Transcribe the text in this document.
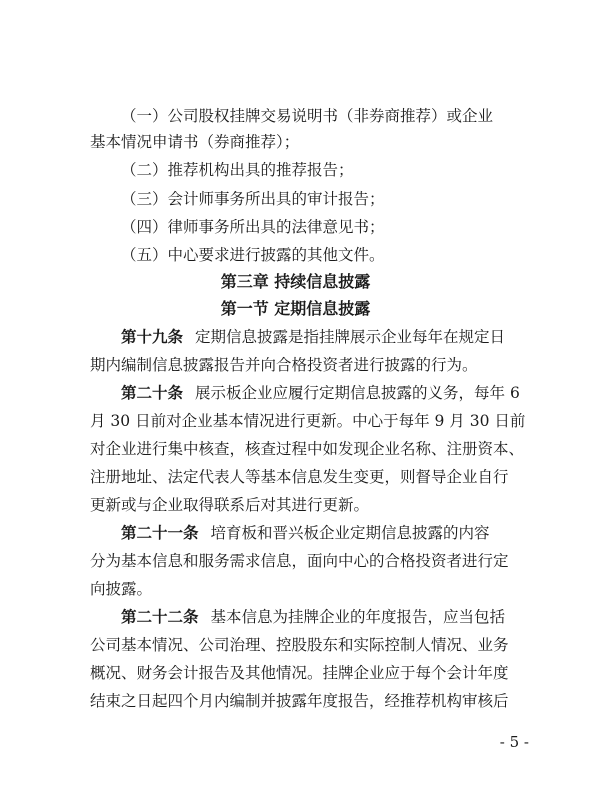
（一）公司股权挂牌交易说明书（非券商推荐）或企业
基本情况申请书（券商推荐）；
（二）推荐机构出具的推荐报告；
（三）会计师事务所出具的审计报告；
（四）律师事务所出具的法律意见书；
（五）中心要求进行披露的其他文件。
第三章 持续信息披露
第一节 定期信息披露
第十九条 定期信息披露是指挂牌展示企业每年在规定日
期内编制信息披露报告并向合格投资者进行披露的行为。
第二十条 展示板企业应履行定期信息披露的义务，每年 6
月 30 日前对企业基本情况进行更新。中心于每年 9 月 30 日前
对企业进行集中核查，核查过程中如发现企业名称、注册资本、
注册地址、法定代表人等基本信息发生变更，则督导企业自行
更新或与企业取得联系后对其进行更新。
第二十一条 培育板和晋兴板企业定期信息披露的内容
分为基本信息和服务需求信息，面向中心的合格投资者进行定
向披露。
第二十二条 基本信息为挂牌企业的年度报告，应当包括
公司基本情况、公司治理、控股股东和实际控制人情况、业务
概况、财务会计报告及其他情况。挂牌企业应于每个会计年度
结束之日起四个月内编制并披露年度报告，经推荐机构审核后
- 5 -
